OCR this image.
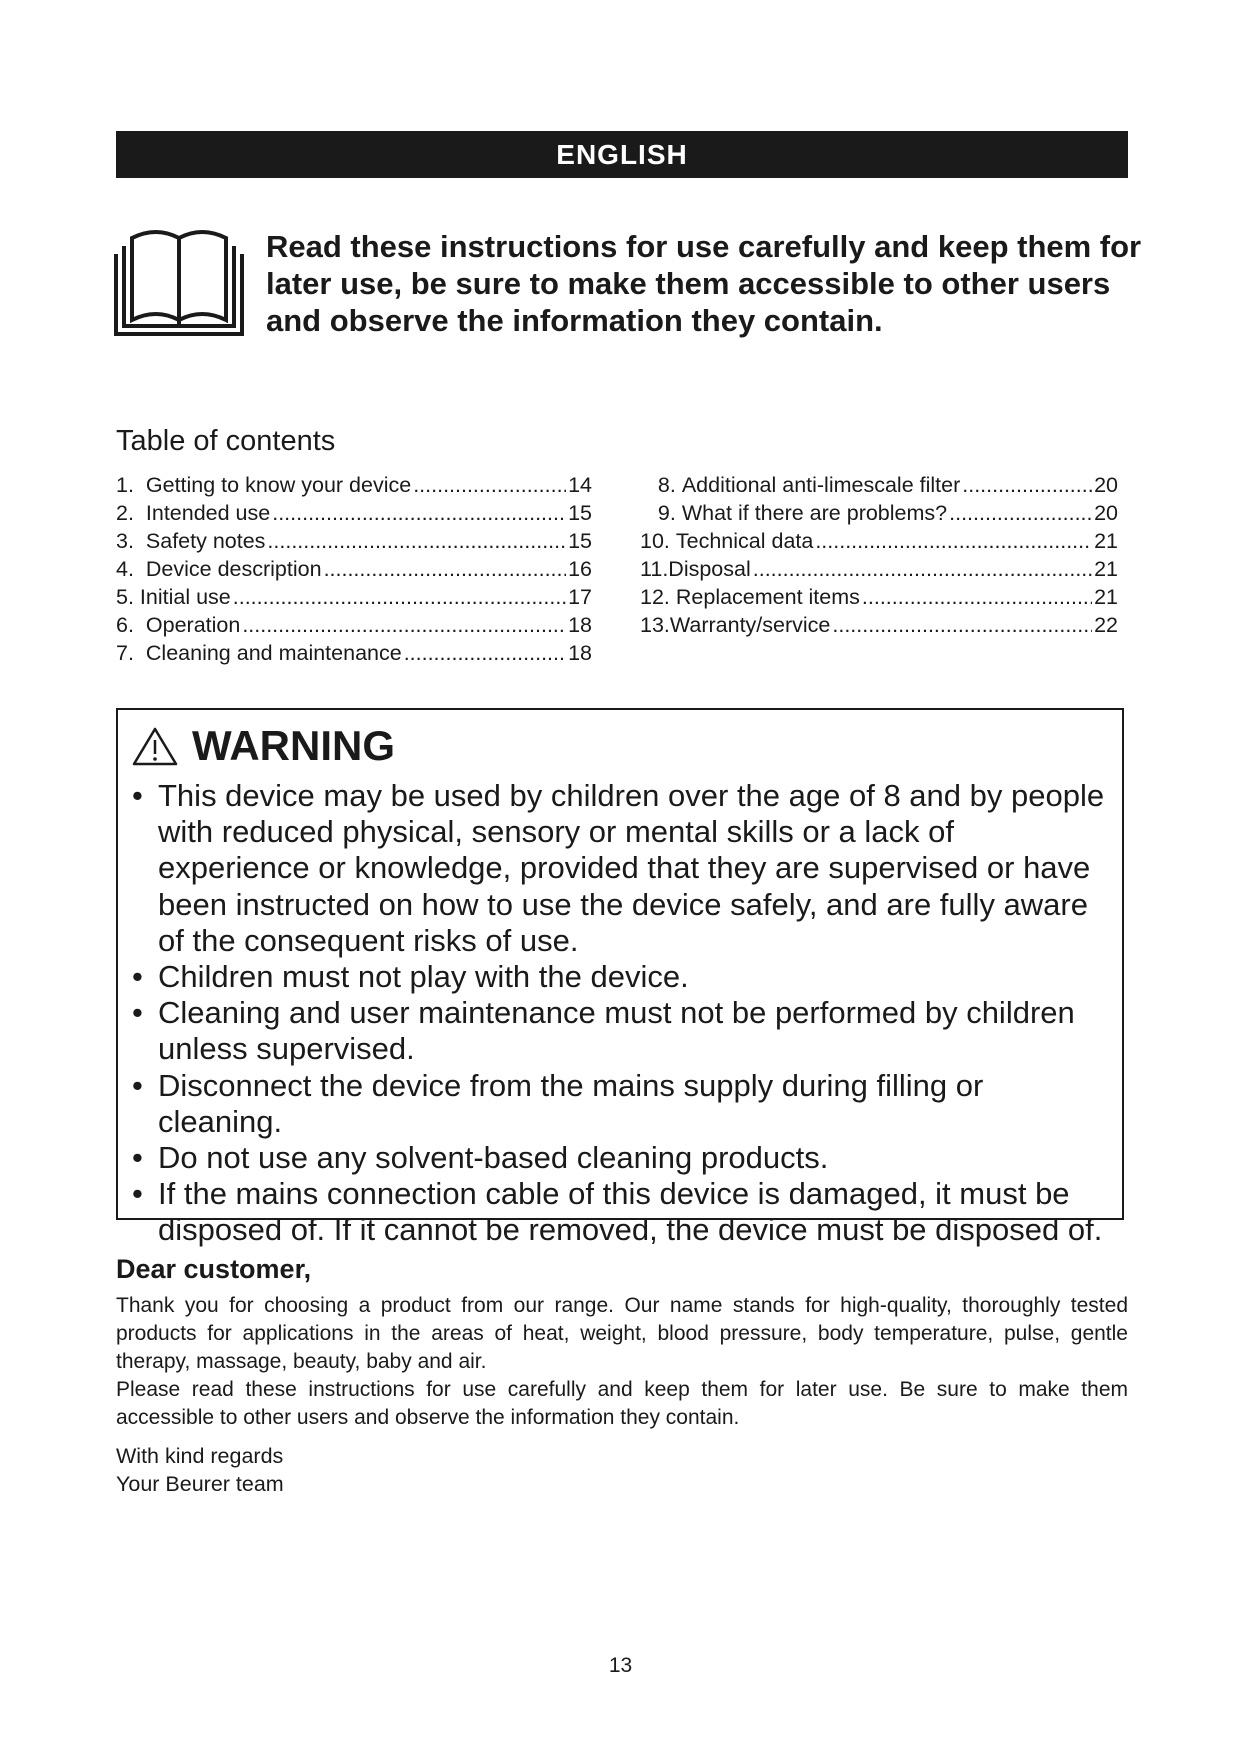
ENGLISH

Read these instructions for use carefully and keep them for later use, be sure to make them accessible to other users and observe the information they contain.

Table of contents
1. Getting to know your device .....	14
2. Intended use .....	15
3. Safety notes .....	15
4. Device description .....	16
5. Initial use .....	17
6. Operation .....	18
7. Cleaning and maintenance .....	18
8. Additional anti-limescale filter .....	20
9. What if there are problems? .....	20
10. Technical data .....	21
11. Disposal .....	21
12. Replacement items .....	21
13. Warranty/service .....	22
WARNING
• This device may be used by children over the age of 8 and by people with reduced physical, sensory or mental skills or a lack of experience or knowledge, provided that they are supervised or have been instructed on how to use the device safely, and are fully aware of the consequent risks of use.
• Children must not play with the device.
• Cleaning and user maintenance must not be performed by children unless supervised.
• Disconnect the device from the mains supply during filling or cleaning.
• Do not use any solvent-based cleaning products.
• If the mains connection cable of this device is damaged, it must be disposed of. If it cannot be removed, the device must be disposed of.
Dear customer,

Thank you for choosing a product from our range. Our name stands for high-quality, thoroughly tested products for applications in the areas of heat, weight, blood pressure, body temperature, pulse, gentle therapy, massage, beauty, baby and air.

Please read these instructions for use carefully and keep them for later use. Be sure to make them accessible to other users and observe the information they contain.

With kind regards
Your Beurer team

13
